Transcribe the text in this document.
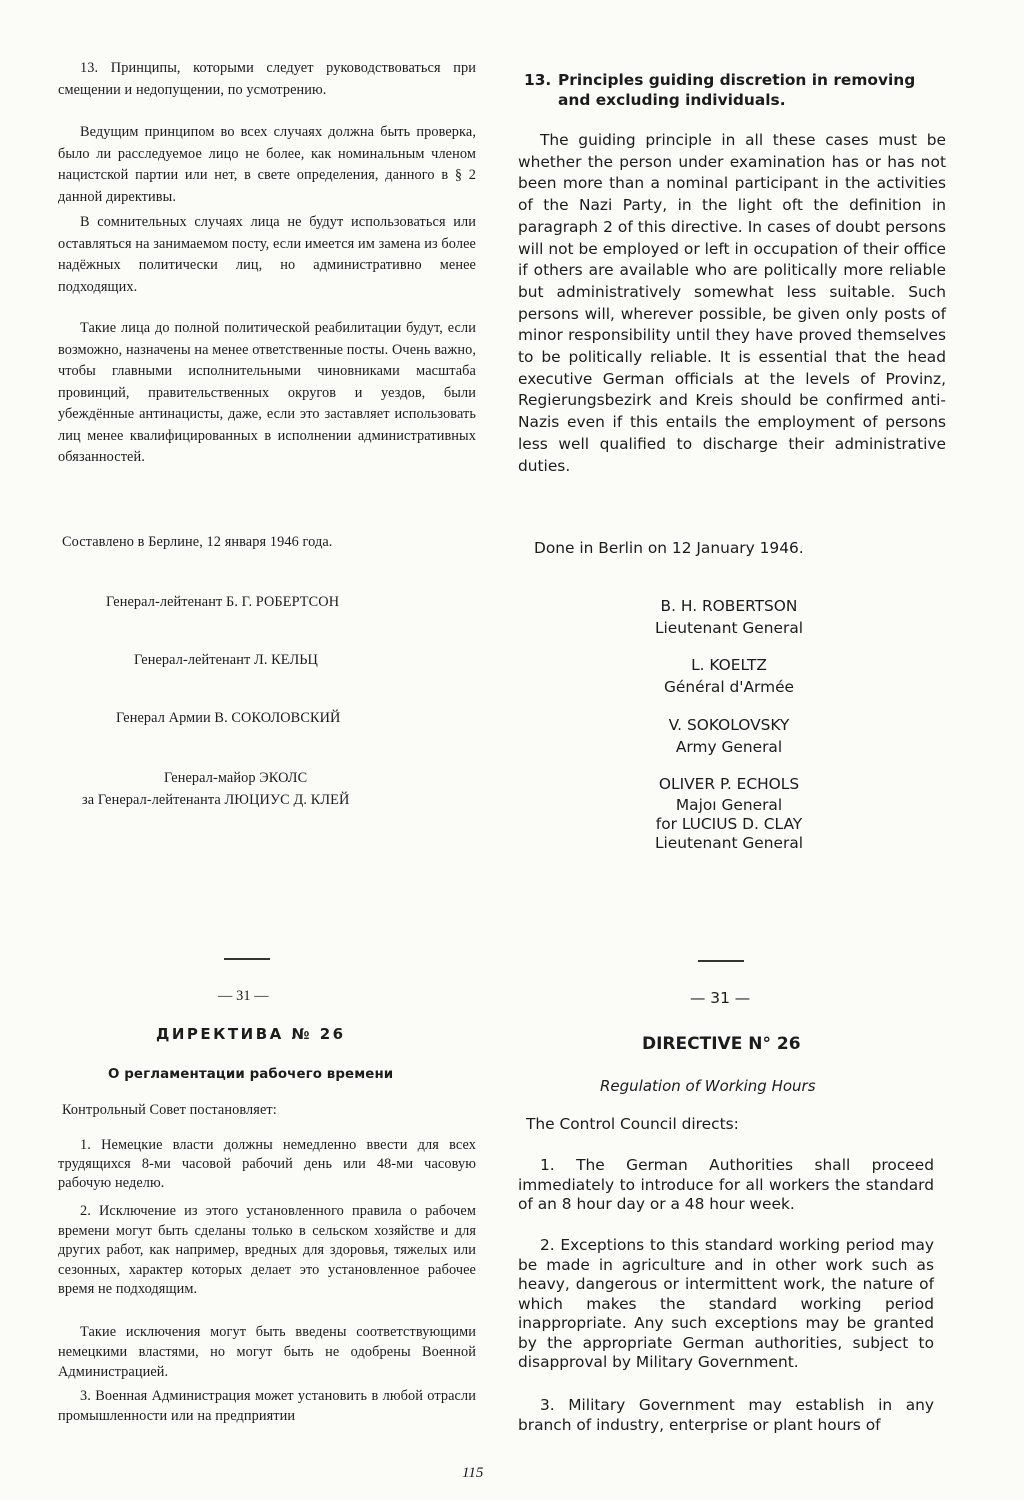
13. Принципы, которыми следует руководствоваться при смещении и недопущении, по усмотрению.

Ведущим принципом во всех случаях должна быть проверка, было ли расследуемое лицо не более, как номинальным членом нацистской партии или нет, в свете определения, данного в § 2 данной директивы.

В сомнительных случаях лица не будут использоваться или оставляться на занимаемом посту, если имеется им замена из более надёжных политически лиц, но административно менее подходящих.

Такие лица до полной политической реабилитации будут, если возможно, назначены на менее ответственные посты. Очень важно, чтобы главными исполнительными чиновниками масштаба провинций, правительственных округов и уездов, были убеждённые антинацисты, даже, если это заставляет использовать лиц менее квалифицированных в исполнении административных обязанностей.

Составлено в Берлине, 12 января 1946 года.

Генерал-лейтенант Б. Г. РОБЕРТСОН
Генерал-лейтенант Л. КЕЛЬЦ
Генерал Армии В. СОКОЛОВСКИЙ
Генерал-майор ЭКОЛС
за Генерал-лейтенанта ЛЮЦИУС Д. КЛЕЙ
— 31 —
ДИРЕКТИВА № 26
О регламентации рабочего времени

Контрольный Совет постановляет:

1. Немецкие власти должны немедленно ввести для всех трудящихся 8-ми часовой рабочий день или 48-ми часовую рабочую неделю.

2. Исключение из этого установленного правила о рабочем времени могут быть сделаны только в сельском хозяйстве и для других работ, как например, вредных для здоровья, тяжелых или сезонных, характер которых делает это установленное рабочее время не подходящим.

Такие исключения могут быть введены соответствующими немецкими властями, но могут быть не одобрены Военной Администрацией.

3. Военная Администрация может установить в любой отрасли промышленности или на предприятии

13. Principles guiding discretion in removing and excluding individuals.

The guiding principle in all these cases must be whether the person under examination has or has not been more than a nominal participant in the activities of the Nazi Party, in the light oft the definition in paragraph 2 of this directive. In cases of doubt persons will not be employed or left in occupation of their office if others are available who are politically more reliable but administratively somewhat less suitable. Such persons will, wherever possible, be given only posts of minor responsibility until they have proved themselves to be politically reliable. It is essential that the head executive German officials at the levels of Provinz, Regierungsbezirk and Kreis should be confirmed anti-Nazis even if this entails the employment of persons less well qualified to discharge their administrative duties.

Done in Berlin on 12 January 1946.

B. H. ROBERTSON
Lieutenant General
L. KOELTZ
Général d'Armée
V. SOKOLOVSKY
Army General
OLIVER P. ECHOLS
Majoı General
for LUCIUS D. CLAY
Lieutenant General
— 31 —
DIRECTIVE N° 26
Regulation of Working Hours

The Control Council directs:

1. The German Authorities shall proceed immediately to introduce for all workers the standard of an 8 hour day or a 48 hour week.

2. Exceptions to this standard working period may be made in agriculture and in other work such as heavy, dangerous or intermittent work, the nature of which makes the standard working period inappropriate. Any such exceptions may be granted by the appropriate German authorities, subject to disapproval by Military Government.

3. Military Government may establish in any branch of industry, enterprise or plant hours of

115
